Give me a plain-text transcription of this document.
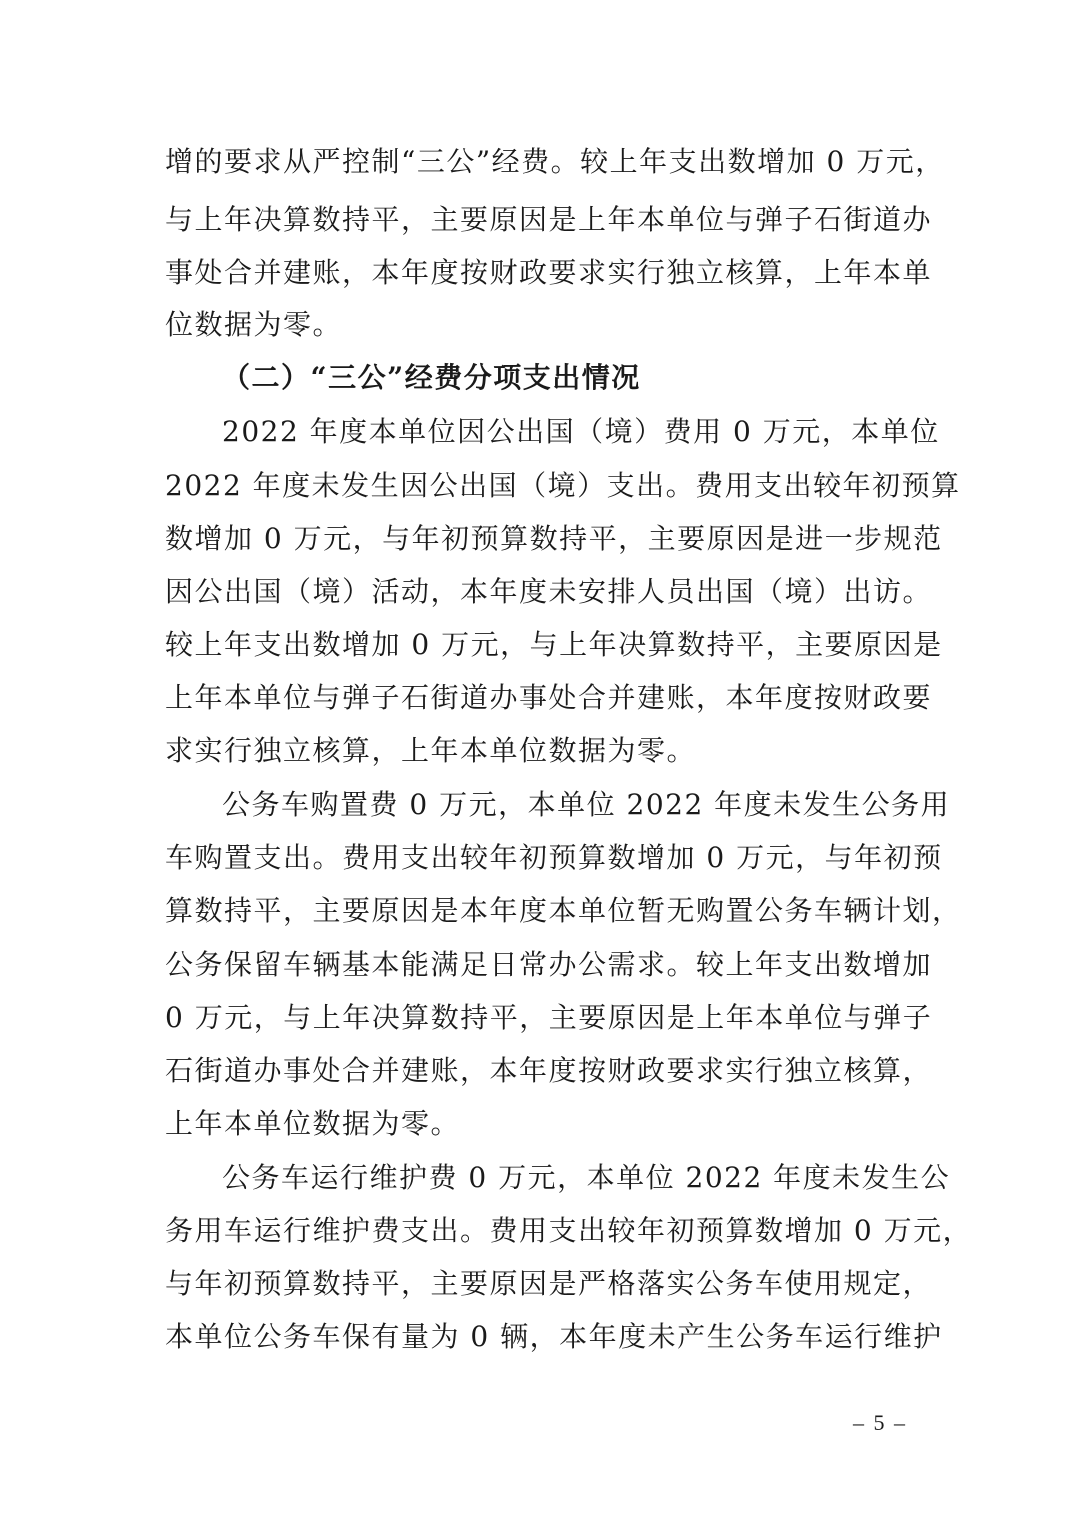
增的要求从严控制“三公”经费。较上年支出数增加 0 万元，
与上年决算数持平，主要原因是上年本单位与弹子石街道办
事处合并建账，本年度按财政要求实行独立核算，上年本单
位数据为零。
（二）“三公”经费分项支出情况
2022 年度本单位因公出国（境）费用 0 万元，本单位
2022 年度未发生因公出国（境）支出。费用支出较年初预算
数增加 0 万元，与年初预算数持平，主要原因是进一步规范
因公出国（境）活动，本年度未安排人员出国（境）出访。
较上年支出数增加 0 万元，与上年决算数持平，主要原因是
上年本单位与弹子石街道办事处合并建账，本年度按财政要
求实行独立核算，上年本单位数据为零。
公务车购置费 0 万元，本单位 2022 年度未发生公务用
车购置支出。费用支出较年初预算数增加 0 万元，与年初预
算数持平，主要原因是本年度本单位暂无购置公务车辆计划，
公务保留车辆基本能满足日常办公需求。较上年支出数增加
0 万元，与上年决算数持平，主要原因是上年本单位与弹子
石街道办事处合并建账，本年度按财政要求实行独立核算，
上年本单位数据为零。
公务车运行维护费 0 万元，本单位 2022 年度未发生公
务用车运行维护费支出。费用支出较年初预算数增加 0 万元，
与年初预算数持平，主要原因是严格落实公务车使用规定，
本单位公务车保有量为 0 辆，本年度未产生公务车运行维护
– 5 –
